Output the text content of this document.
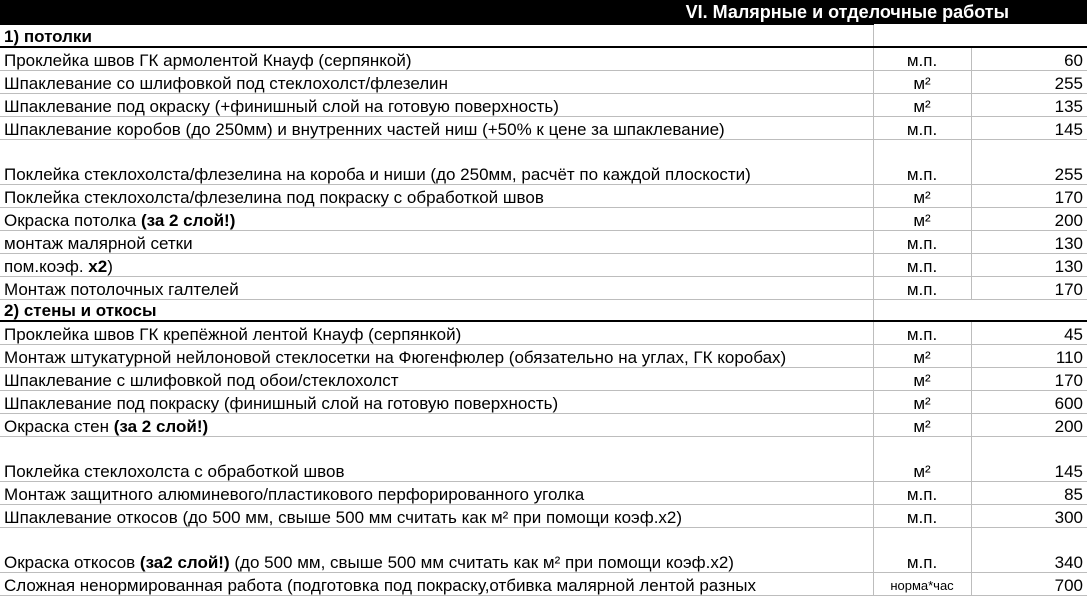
VI. Малярные и отделочные работы
1) потолки		
Проклейка швов ГК армолентой Кнауф (серпянкой)	м.п.	60
Шпаклевание со шлифовкой под стеклохолст/флезелин	м²	255
Шпаклевание под окраску (+финишный слой на готовую поверхность)	м²	135
Шпаклевание коробов (до 250мм) и внутренних частей ниш (+50% к цене за шпаклевание)	м.п.	145
Поклейка стеклохолста/флезелина на короба и ниши (до 250мм, расчёт по каждой плоскости)	м.п.	255
Поклейка стеклохолста/флезелина под покраску с обработкой швов	м²	170
Окраска потолка (за 2 слой!)	м²	200
монтаж малярной сетки	м.п.	130
пом.коэф. x2)	м.п.	130
Монтаж потолочных галтелей	м.п.	170
2) стены и откосы		
Проклейка швов ГК крепёжной лентой Кнауф (серпянкой)	м.п.	45
Монтаж штукатурной нейлоновой стеклосетки на Фюгенфюлер (обязательно на углах, ГК коробах)	м²	110
Шпаклевание с шлифовкой под обои/стеклохолст	м²	170
Шпаклевание под покраску (финишный слой на готовую поверхность)	м²	600
Окраска стен (за 2 слой!)	м²	200
Поклейка стеклохолста с обработкой швов	м²	145
Монтаж защитного алюминевого/пластикового перфорированного уголка	м.п.	85
Шпаклевание откосов (до 500 мм, свыше 500 мм считать как м² при помощи коэф.x2)	м.п.	300
Окраска откосов (за2 слой!) (до 500 мм, свыше 500 мм считать как м² при помощи коэф.x2)	м.п.	340
Сложная ненормированная работа (подготовка под покраску,отбивка малярной лентой разных	норма*час	700
